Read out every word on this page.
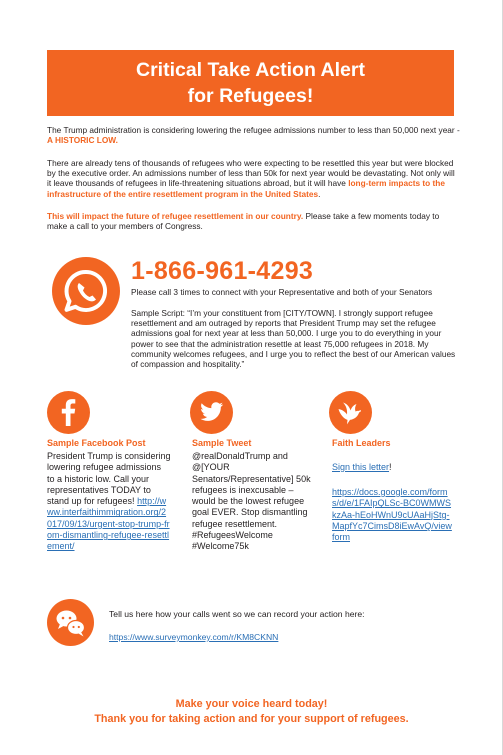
Critical Take Action Alert
for Refugees!

The Trump administration is considering lowering the refugee admissions number to less than 50,000 next year - A HISTORIC LOW.

There are already tens of thousands of refugees who were expecting to be resettled this year but were blocked by the executive order. An admissions number of less than 50k for next year would be devastating. Not only will it leave thousands of refugees in life-threatening situations abroad, but it will have long-term impacts to the infrastructure of the entire resettlement program in the United States.

This will impact the future of refugee resettlement in our country. Please take a few moments today to make a call to your members of Congress.

1-866-961-4293
Please call 3 times to connect with your Representative and both of your Senators

Sample Script: “I’m your constituent from [CITY/TOWN]. I strongly support refugee resettlement and am outraged by reports that President Trump may set the refugee admissions goal for next year at less than 50,000. I urge you to do everything in your power to see that the administration resettle at least 75,000 refugees in 2018. My community welcomes refugees, and I urge you to reflect the best of our American values of compassion and hospitality.”

Sample Facebook Post

President Trump is considering lowering refugee admissions to a historic low. Call your representatives TODAY to stand up for refugees! http://www.interfaithimmigration.org/2017/09/13/urgent-stop-trump-from-dismantling-refugee-resettlement/

Sample Tweet

@realDonaldTrump and @[YOUR Senators/Representative] 50k refugees is inexcusable – would be the lowest refugee goal EVER. Stop dismantling refugee resettlement. #RefugeesWelcome #Welcome75k

Faith Leaders

Sign this letter!

https://docs.google.com/forms/d/e/1FAIpQLSc-BC0WMWSkzAa-hEoHWnU9cUAaHjStg-MapfYc7CimsD8iEwAvQ/viewform

Tell us here how your calls went so we can record your action here:
https://www.surveymonkey.com/r/KM8CKNN
Make your voice heard today!
Thank you for taking action and for your support of refugees.
